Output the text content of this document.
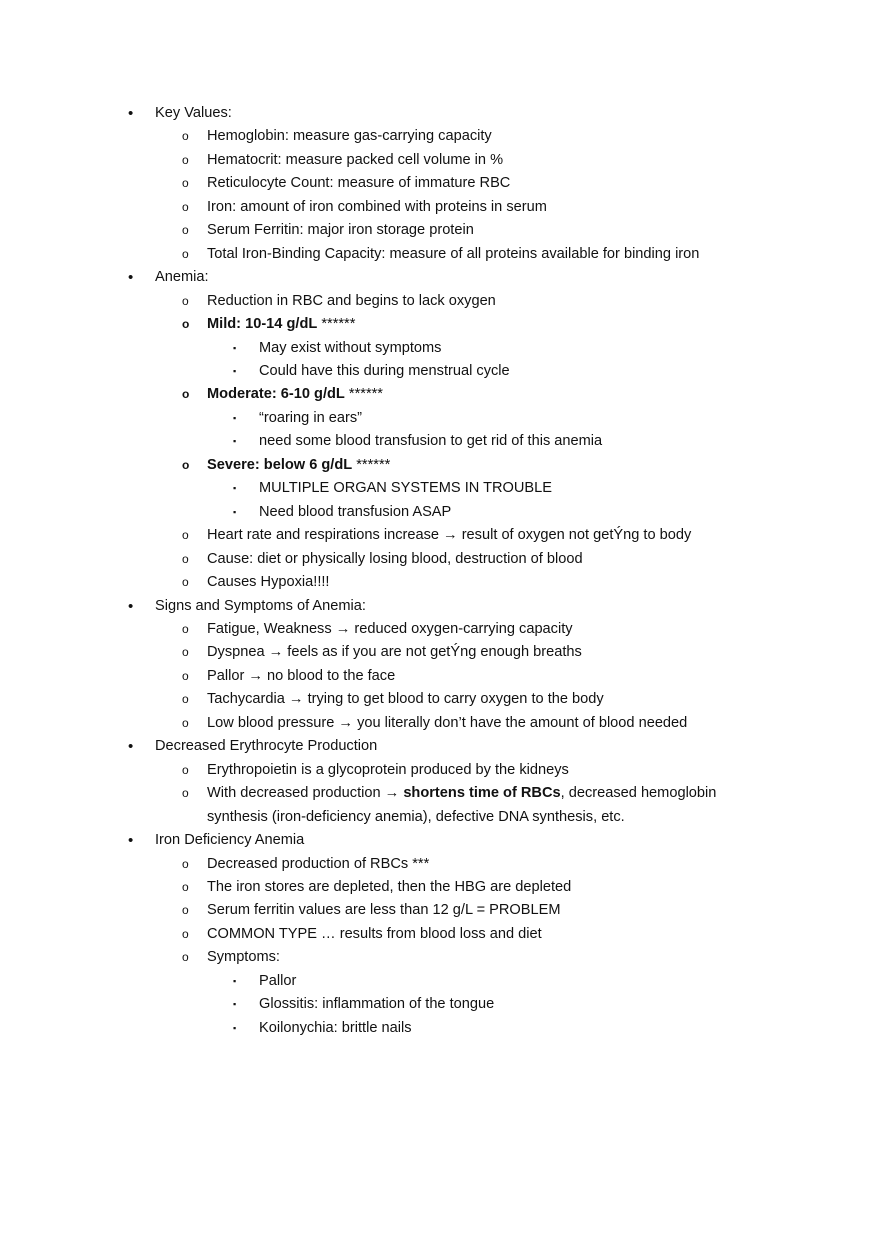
• Key Values:
o Hemoglobin: measure gas-carrying capacity
o Hematocrit: measure packed cell volume in %
o Reticulocyte Count: measure of immature RBC
o Iron: amount of iron combined with proteins in serum
o Serum Ferritin: major iron storage protein
o Total Iron-Binding Capacity: measure of all proteins available for binding iron
• Anemia:
o Reduction in RBC and begins to lack oxygen
o Mild: 10-14 g/dL ******
▪ May exist without symptoms
▪ Could have this during menstrual cycle
o Moderate: 6-10 g/dL ******
▪ “roaring in ears”
▪ need some blood transfusion to get rid of this anemia
o Severe: below 6 g/dL ******
▪ MULTIPLE ORGAN SYSTEMS IN TROUBLE
▪ Need blood transfusion ASAP
o Heart rate and respirations increase → result of oxygen not getÝng to body
o Cause: diet or physically losing blood, destruction of blood
o Causes Hypoxia!!!!
• Signs and Symptoms of Anemia:
o Fatigue, Weakness → reduced oxygen-carrying capacity
o Dyspnea → feels as if you are not getÝng enough breaths
o Pallor → no blood to the face
o Tachycardia → trying to get blood to carry oxygen to the body
o Low blood pressure → you literally don’t have the amount of blood needed
• Decreased Erythrocyte Production
o Erythropoietin is a glycoprotein produced by the kidneys
o With decreased production → shortens time of RBCs, decreased hemoglobin synthesis (iron-deficiency anemia), defective DNA synthesis, etc.
• Iron Deficiency Anemia
o Decreased production of RBCs ***
o The iron stores are depleted, then the HBG are depleted
o Serum ferritin values are less than 12 g/L = PROBLEM
o COMMON TYPE … results from blood loss and diet
o Symptoms:
▪ Pallor
▪ Glossitis: inflammation of the tongue
▪ Koilonychia: brittle nails
